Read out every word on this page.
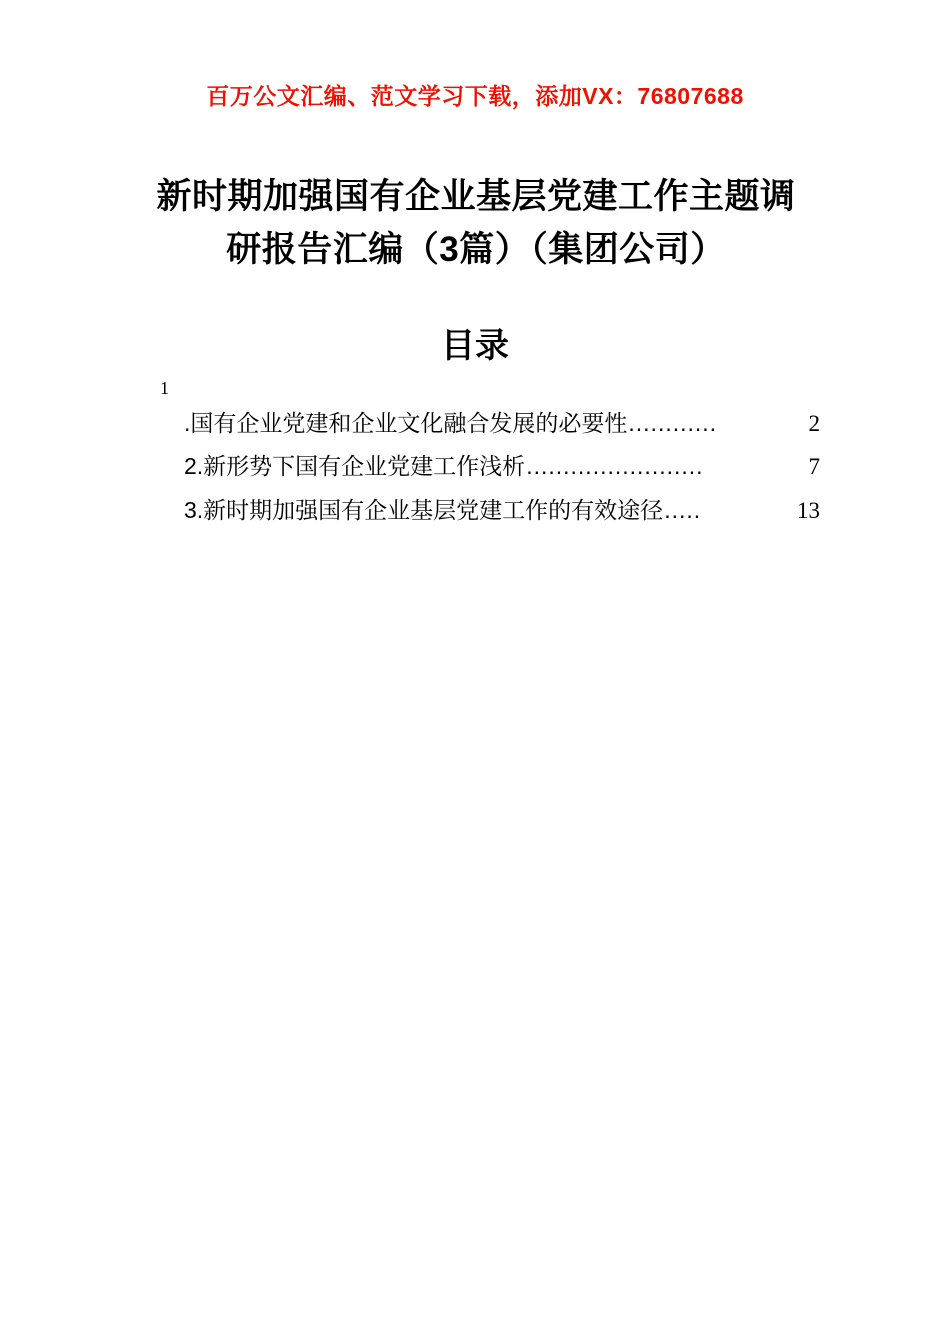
百万公文汇编、范文学习下载，添加VX：76807688
新时期加强国有企业基层党建工作主题调研报告汇编（3篇）（集团公司）
目录
1
.国有企业党建和企业文化融合发展的必要性 ............	2
2.新形势下国有企业党建工作浅析 ........................	7
3.新时期加强国有企业基层党建工作的有效途径 .....	13
